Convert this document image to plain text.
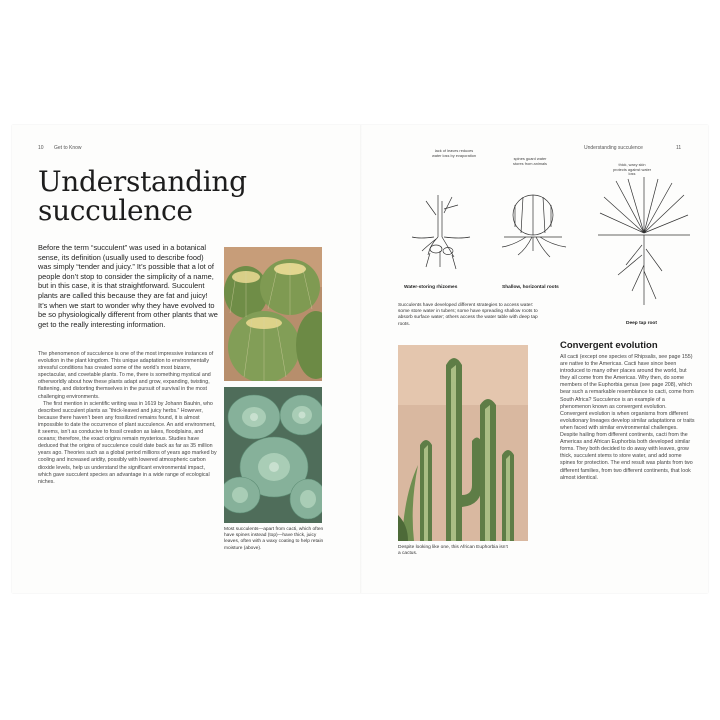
10 Get to Know
Understanding
succulence

Before the term “succulent” was used in a botanical sense, its definition (usually used to describe food) was simply “tender and juicy.” It’s possible that a lot of people don’t stop to consider the simplicity of a name, but in this case, it is that straightforward. Succulent plants are called this because they are fat and juicy! It’s when we start to wonder why they have evolved to be so physiologically different from other plants that we get to the really interesting information.

The phenomenon of succulence is one of the most impressive instances of evolution in the plant kingdom. This unique adaptation to environmentally stressful conditions has created some of the world’s most bizarre, spectacular, and covetable plants. To me, there is something mystical and otherworldly about how these plants adapt and grow, expanding, twisting, flattening, and distorting themselves in the pursuit of survival in the most challenging environments.

The first mention in scientific writing was in 1619 by Johann Bauhin, who described succulent plants as “thick-leaved and juicy herbs.” However, because there haven’t been any fossilized remains found, it is almost impossible to date the occurrence of plant succulence. An arid environment, it seems, isn’t as conducive to fossil creation as lakes, floodplains, and oceans; therefore, the exact origins remain mysterious. Studies have deduced that the origins of succulence could date back as far as 35 million years ago. Theories such as a global period millions of years ago marked by cooling and increased aridity, possibly with lowered atmospheric carbon dioxide levels, help us understand the significant environmental impact, which gave succulent species an advantage in a wide range of ecological niches.

Most succulents—apart from cacti, which often have spines instead (top)—have thick, juicy leaves, often with a waxy coating to help retain moisture (above).
Understanding succulence	11
lack of leaves reduces water loss by evaporation
Water-storing rhizomes
spines guard water stores from animals
Shallow, horizontal roots
thick, waxy skin protects against water loss
Deep tap root
Succulents have developed different strategies to access water: some store water in tubers; some have spreading shallow roots to absorb surface water; others access the water table with deep tap roots.
Despite looking like one, this African Euphorbia isn’t a cactus.
Convergent evolution

All cacti (except one species of Rhipsalis, see page 155) are native to the Americas. Cacti have since been introduced to many other places around the world, but they all come from the Americas. Why then, do some members of the Euphorbia genus (see page 208), which bear such a remarkable resemblance to cacti, come from South Africa? Succulence is an example of a phenomenon known as convergent evolution. Convergent evolution is when organisms from different evolutionary lineages develop similar adaptations or traits when faced with similar environmental challenges. Despite hailing from different continents, cacti from the Americas and African Euphorbia both developed similar forms. They both decided to do away with leaves, grow thick, succulent stems to store water, and add some spines for protection. The end result was plants from two different families, from two different continents, that look almost identical.
